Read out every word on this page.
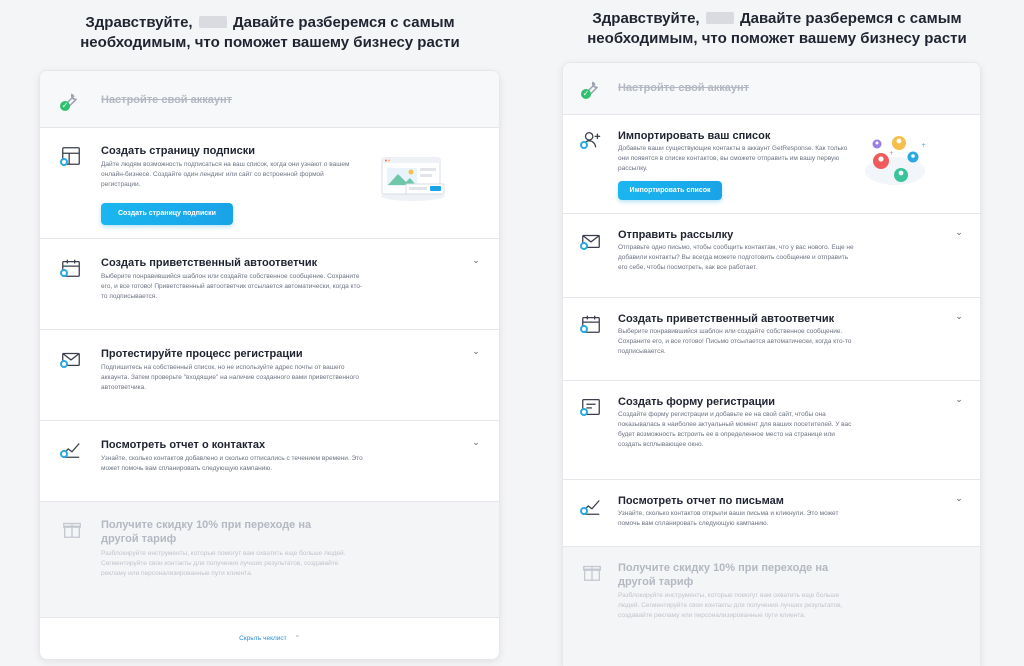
Здравствуйте,	Давайте разберемся с самым необходимым, что поможет вашему бизнесу расти
Здравствуйте,	Давайте разберемся с самым необходимым, что поможет вашему бизнесу расти
✓	Настройте свой аккаунт
Создать страницу подписки
Дайте людям возможность подписаться на ваш список, когда они узнают о вашем онлайн-бизнесе. Создайте один лендинг или сайт со встроенной формой регистрации.
Создать страницу подписки
Создать приветственный автоответчик
Выберите понравившийся шаблон или создайте собственное сообщение. Сохраните его, и все готово! Приветственный автоответчик отсылается автоматически, когда кто-то подписывается.
⌄
Протестируйте процесс регистрации
Подпишитесь на собственный список, но не используйте адрес почты от вашего аккаунта. Затем проверьте "входящие" на наличие созданного вами приветственного автоответчика.
⌄
Посмотреть отчет о контактах
Узнайте, сколько контактов добавлено и сколько отписались с течением времени. Это может помочь вам спланировать следующую кампанию.
⌄
Получите скидку 10% при переходе на другой тариф
Разблокируйте инструменты, которые помогут вам охватить еще больше людей. Сегментируйте свои контакты для получения лучших результатов, создавайте рекламу или персонализированные пути клиента.
Скрыть чеклист ⌃
✓	Настройте свой аккаунт
Импортировать ваш список
Добавьте ваши существующие контакты в аккаунт GetResponse. Как только они появятся в списке контактов, вы сможете отправить им вашу первую рассылку.
Импортировать список
+
+
Отправить рассылку
Отправьте одно письмо, чтобы сообщить контактам, что у вас нового. Еще не добавили контакты? Вы всегда можете подготовить сообщение и отправить его себе, чтобы посмотреть, как все работает.
⌄
Создать приветственный автоответчик
Выберите понравившийся шаблон или создайте собственное сообщение. Сохраните его, и все готово! Письмо отсылается автоматически, когда кто-то подписывается.
⌄
Создать форму регистрации
Создайте форму регистрации и добавьте ее на свой сайт, чтобы она показывалась в наиболее актуальный момент для ваших посетителей. У вас будет возможность встроить ее в определенное место на странице или создать всплывающее окно.
⌄
Посмотреть отчет по письмам
Узнайте, сколько контактов открыли ваши письма и кликнули. Это может помочь вам спланировать следующую кампанию.
⌄
Получите скидку 10% при переходе на другой тариф
Разблокируйте инструменты, которые помогут вам охватить еще больше людей. Сегментируйте свои контакты для получения лучших результатов, создавайте рекламу или персонализированные пути клиента.
